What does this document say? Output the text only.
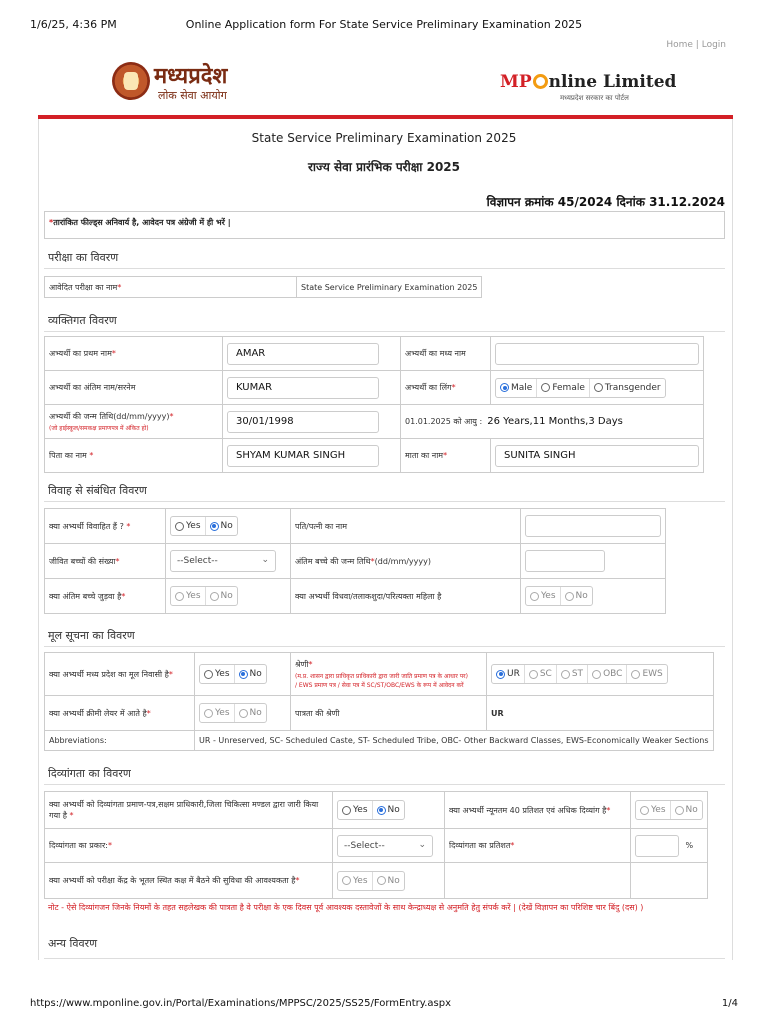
1/6/25, 4:36 PM	Online Application form For State Service Preliminary Examination 2025
https://www.mponline.gov.in/Portal/Examinations/MPPSC/2025/SS25/FormEntry.aspx	1/4
Home | Login
मध्यप्रदेश
लोक सेवा आयोग
MP nline Limited
मध्यप्रदेश सरकार का पोर्टल
State Service Preliminary Examination 2025
राज्य सेवा प्रारंभिक परीक्षा 2025
विज्ञापन क्रमांक 45/2024 दिनांक 31.12.2024
*तारांकित फील्ड्स अनिवार्य है, आवेदन पत्र अंग्रेजी में ही भरें |
परीक्षा का विवरण
आवेदित परीक्षा का नाम*	State Service Preliminary Examination 2025
व्यक्तिगत विवरण
अभ्यर्थी का प्रथम नाम*	AMAR	अभ्यर्थी का मध्य नाम	

अभ्यर्थी का अंतिम नाम/सरनेम	KUMAR	अभ्यर्थी का लिंग*	Male Female Transgender

अभ्यर्थी की जन्म तिथि(dd/mm/yyyy)*
(जो हाईस्कूल/समकक्ष प्रमाणपत्र में अंकित हो)	30/01/1998	01.01.2025 को आयु : 26 Years,11 Months,3 Days	
पिता का नाम *	SHYAM KUMAR SINGH	माता का नाम*	SUNITA SINGH
विवाह से संबंधित विवरण
क्या अभ्यर्थी विवाहित हैं ? *	Yes No	पति/पत्नी का नाम	

जीवित बच्चों की संख्या*	--Select-- ⌄	अंतिम बच्चे की जन्म तिथि*(dd/mm/yyyy)	

क्या अंतिम बच्चे जुड़वा है*	Yes No	क्या अभ्यर्थी विधवा/तलाकशुदा/परित्यक्ता महिला है	Yes No
मूल सूचना का विवरण
क्या अभ्यर्थी मध्य प्रदेश का मूल निवासी है*	Yes No	श्रेणी*
(म.प्र. शासन द्वारा प्राधिकृत प्राधिकारी द्वारा जारी जाति प्रमाण पत्र के आधार पर)
/ EWS प्रमाण पत्र / सेवा पत्र में SC/ST/OBC/EWS के रूप में आवेदन करें	UR SC ST OBC EWS

क्या अभ्यर्थी क्रीमी लेयर में आते है*	Yes No	पात्रता की श्रेणी	UR
Abbreviations:	UR - Unreserved, SC- Scheduled Caste, ST- Scheduled Tribe, OBC- Other Backward Classes, EWS-Economically Weaker Sections		
दिव्यांगता का विवरण
क्या अभ्यर्थी को दिव्यांगता प्रमाण-पत्र,सक्षम प्राधिकारी,जिला चिकित्सा मण्डल द्वारा जारी किया गया है *	Yes No	क्या अभ्यर्थी न्यूनतम 40 प्रतिशत एवं अधिक दिव्यांग है*	Yes No

दिव्यांगता का प्रकार:*	--Select-- ⌄	दिव्यांगता का प्रतिशत*	%
क्या अभ्यर्थी को परीक्षा केंद्र के भूतल स्थित कक्ष में बैठने की सुविधा की आवश्यकता है*	Yes No		

नोट - ऐसे दिव्यांगजन जिनके नियमों के तहत सहलेखक की पात्रता है वे परीक्षा के एक दिवस पूर्व आवश्यक दस्तावेजों के साथ केन्द्राध्यक्ष से अनुमति हेतु संपर्क करें | (देखें विज्ञापन का परिशिष्ट चार बिंदु (दस) )
अन्य विवरण
